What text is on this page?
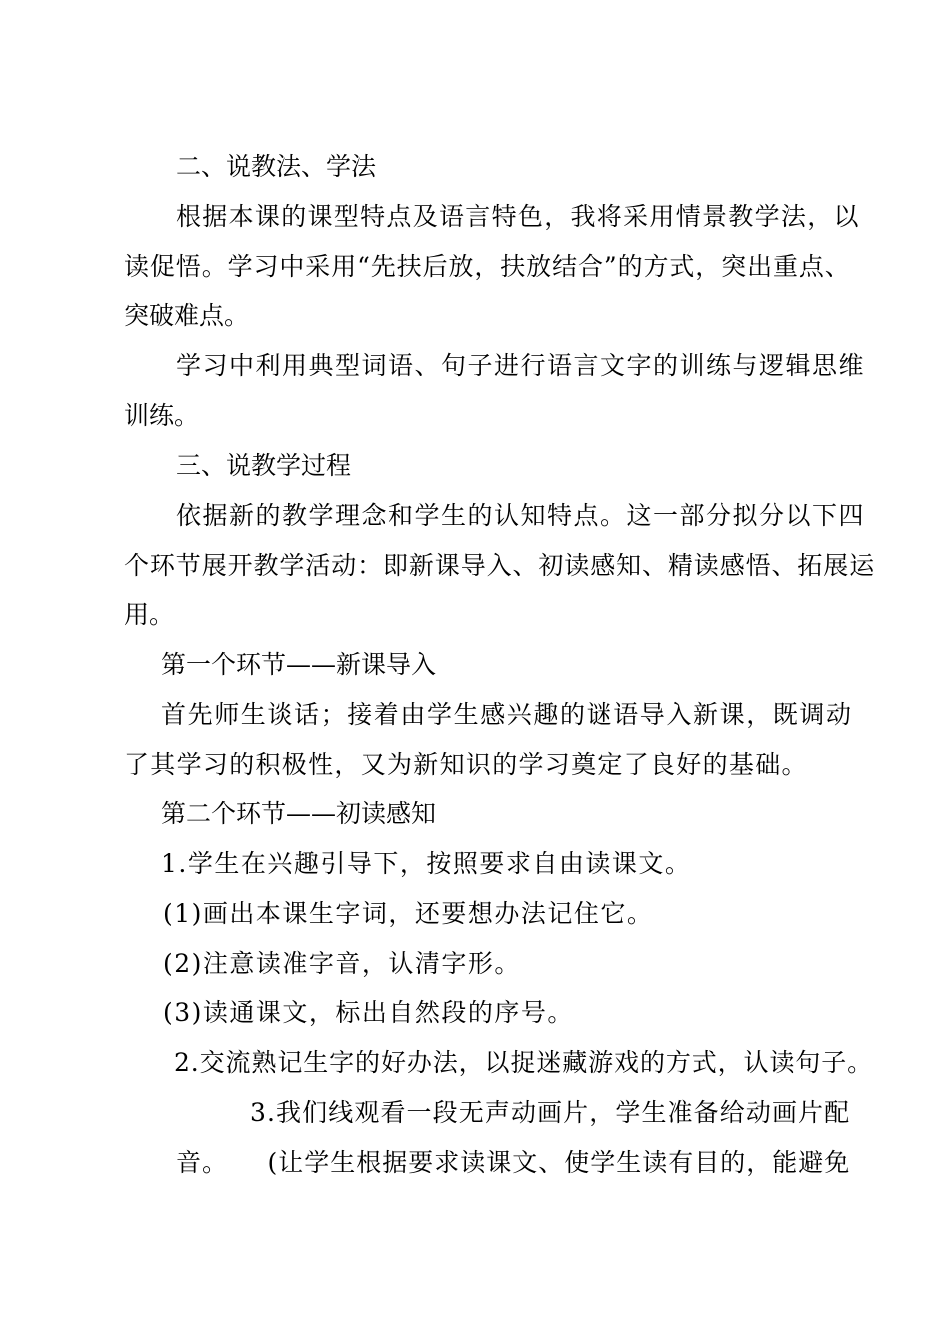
二、说教法、学法

根据本课的课型特点及语言特色，我将采用情景教学法，以

读促悟。学习中采用“先扶后放，扶放结合”的方式，突出重点、

突破难点。

学习中利用典型词语、句子进行语言文字的训练与逻辑思维

训练。

三、说教学过程

依据新的教学理念和学生的认知特点。这一部分拟分以下四

个环节展开教学活动：即新课导入、初读感知、精读感悟、拓展运

用。

第一个环节——新课导入

首先师生谈话；接着由学生感兴趣的谜语导入新课，既调动

了其学习的积极性，又为新知识的学习奠定了良好的基础。

第二个环节——初读感知

1.学生在兴趣引导下，按照要求自由读课文。

(1)画出本课生字词，还要想办法记住它。

(2)注意读准字音，认清字形。

(3)读通课文，标出自然段的序号。

2.交流熟记生字的好办法，以捉迷藏游戏的方式，认读句子。

3.我们线观看一段无声动画片，学生准备给动画片配

音。　　(让学生根据要求读课文、使学生读有目的，能避免
